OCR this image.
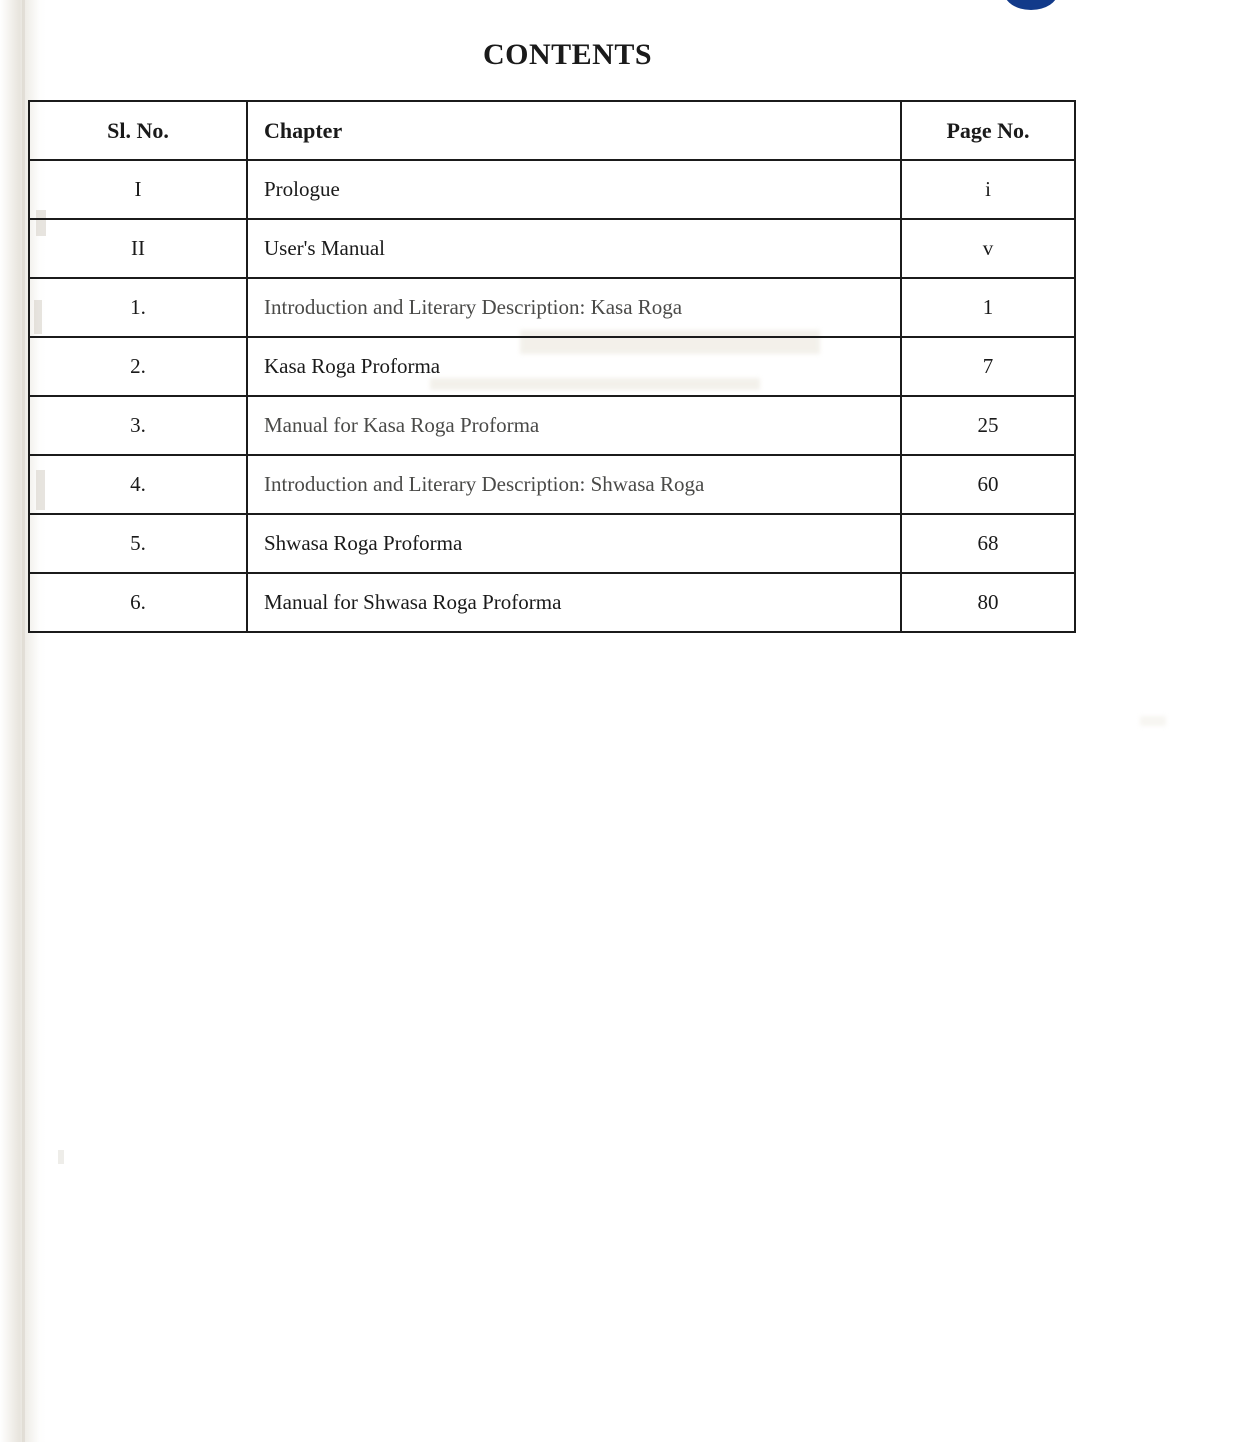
CONTENTS
Sl. No.	Chapter	Page No.
I	Prologue	i
II	User's Manual	v
1.	Introduction and Literary Description: Kasa Roga	1
2.	Kasa Roga Proforma	7
3.	Manual for Kasa Roga Proforma	25
4.	Introduction and Literary Description: Shwasa Roga	60
5.	Shwasa Roga Proforma	68
6.	Manual for Shwasa Roga Proforma	80
